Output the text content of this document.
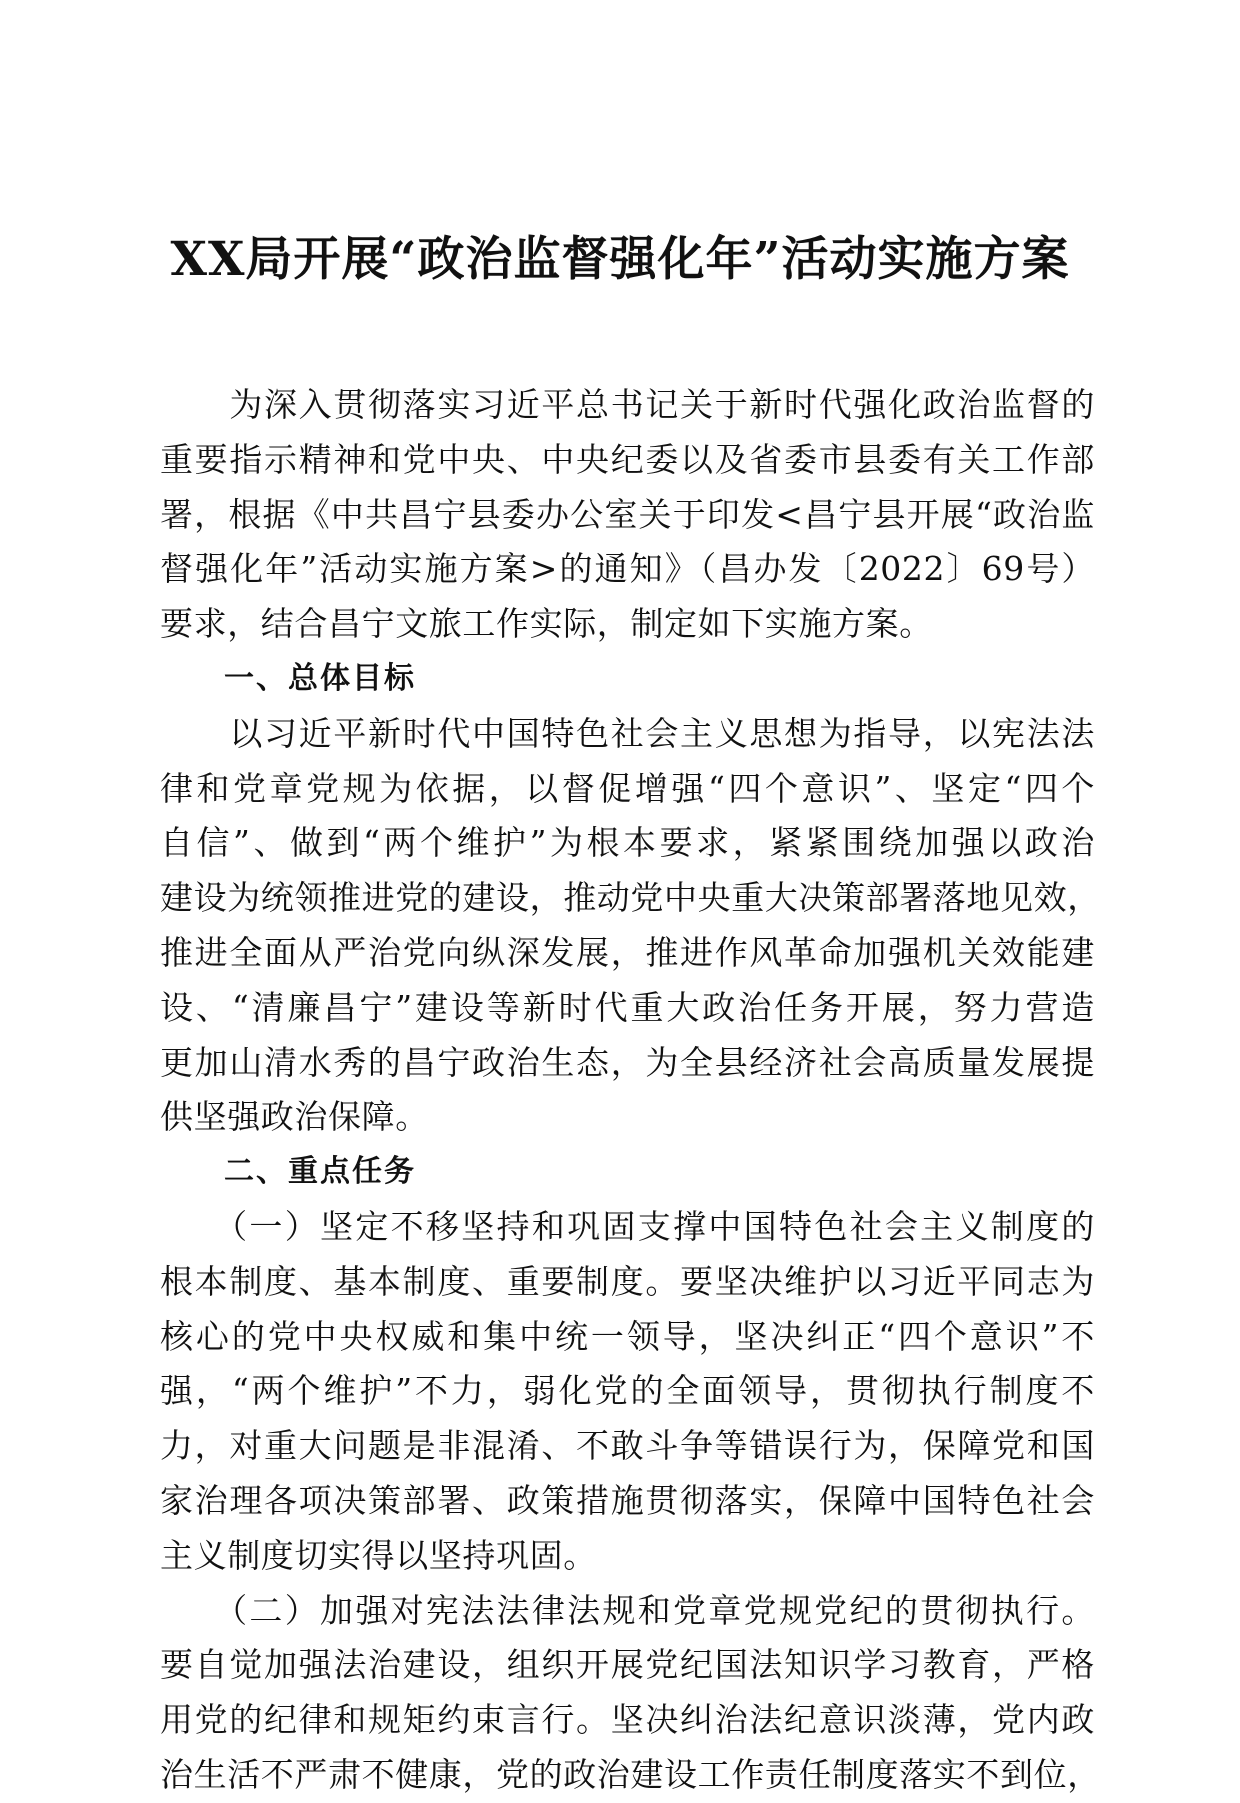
XX局开展“政治监督强化年”活动实施方案
　　为深入贯彻落实习近平总书记关于新时代强化政治监督的
重要指示精神和党中央、中央纪委以及省委市县委有关工作部
署，根据《中共昌宁县委办公室关于印发<昌宁县开展“政治监
督强化年”活动实施方案>的通知》（昌办发〔2022〕69号）
要求，结合昌宁文旅工作实际，制定如下实施方案。
　　一、总体目标
　　以习近平新时代中国特色社会主义思想为指导，以宪法法
律和党章党规为依据，以督促增强“四个意识”、坚定“四个
自信”、做到“两个维护”为根本要求，紧紧围绕加强以政治
建设为统领推进党的建设，推动党中央重大决策部署落地见效，
推进全面从严治党向纵深发展，推进作风革命加强机关效能建
设、“清廉昌宁”建设等新时代重大政治任务开展，努力营造
更加山清水秀的昌宁政治生态，为全县经济社会高质量发展提
供坚强政治保障。
　　二、重点任务
　　（一）坚定不移坚持和巩固支撑中国特色社会主义制度的
根本制度、基本制度、重要制度。要坚决维护以习近平同志为
核心的党中央权威和集中统一领导，坚决纠正“四个意识”不
强，“两个维护”不力，弱化党的全面领导，贯彻执行制度不
力，对重大问题是非混淆、不敢斗争等错误行为，保障党和国
家治理各项决策部署、政策措施贯彻落实，保障中国特色社会
主义制度切实得以坚持巩固。
　　（二）加强对宪法法律法规和党章党规党纪的贯彻执行。
要自觉加强法治建设，组织开展党纪国法知识学习教育，严格
用党的纪律和规矩约束言行。坚决纠治法纪意识淡薄，党内政
治生活不严肃不健康，党的政治建设工作责任制度落实不到位，
